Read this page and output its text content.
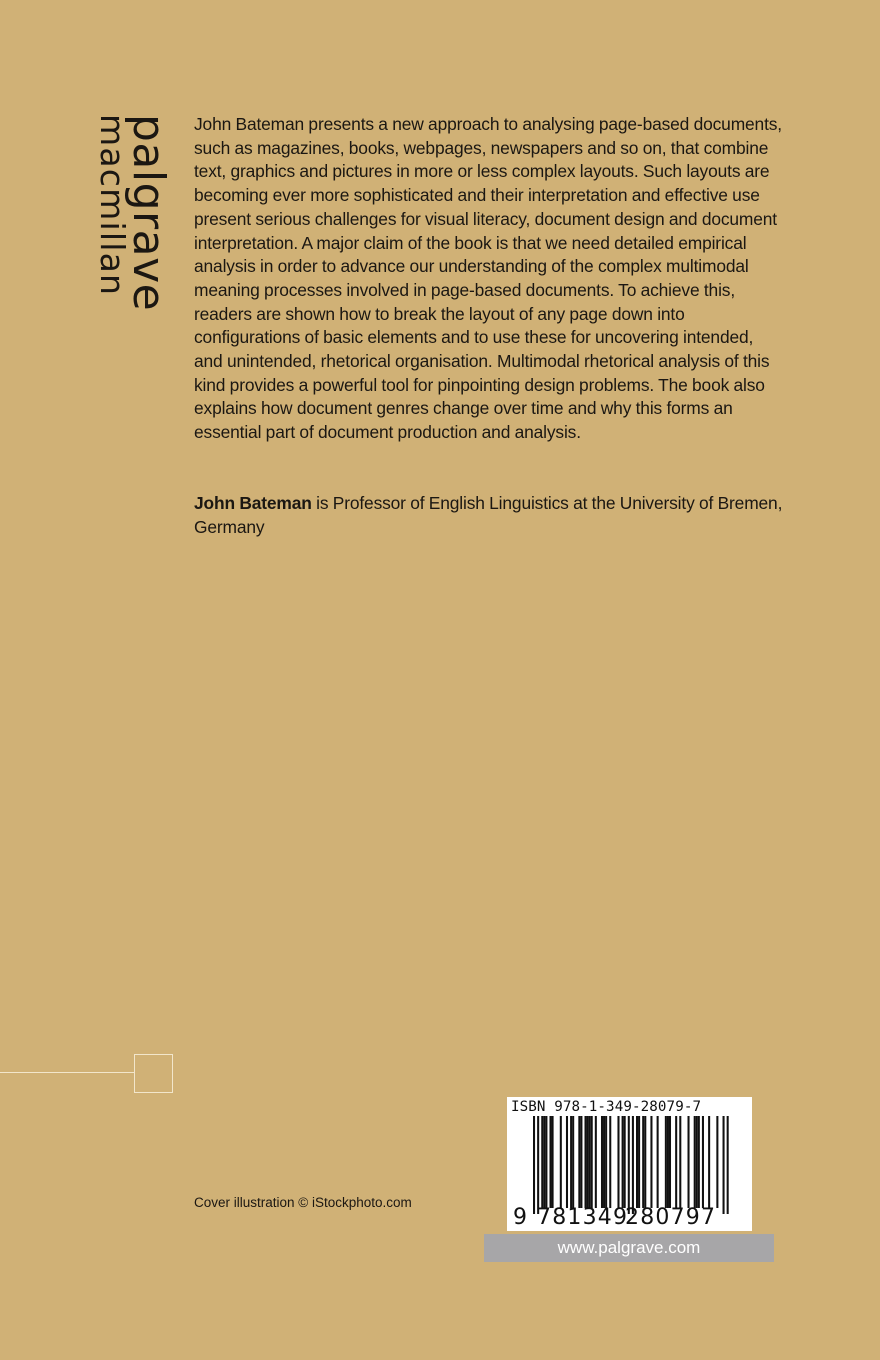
palgrave
macmillan	John Bateman presents a new approach to analysing page-based documents, such as magazines, books, webpages, newspapers and so on, that combine text, graphics and pictures in more or less complex layouts. Such layouts are becoming ever more sophisticated and their interpretation and effective use present serious challenges for visual literacy, document design and document interpretation. A major claim of the book is that we need detailed empirical analysis in order to advance our understanding of the complex multimodal meaning processes involved in page-based documents. To achieve this, readers are shown how to break the layout of any page down into configurations of basic elements and to use these for uncovering intended, and unintended, rhetorical organisation. Multimodal rhetorical analysis of this kind provides a powerful tool for pinpointing design problems. The book also explains how document genres change over time and why this forms an essential part of document production and analysis.

John Bateman is Professor of English Linguistics at the University of Bremen, Germany

Cover illustration © iStockphoto.com
ISBN 978-1-349-28079-7
9 781349
280797
www.palgrave.com
